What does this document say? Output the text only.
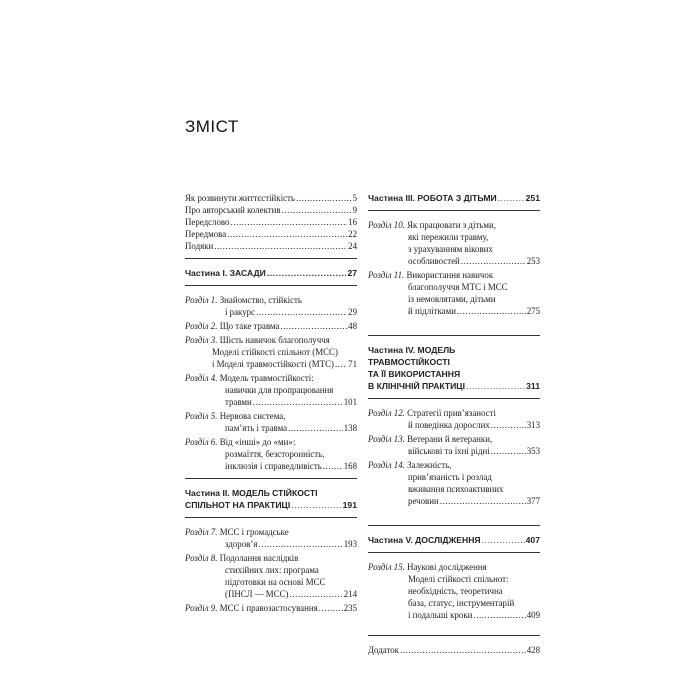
ЗМІСТ
Як розвинути життєстійкість .....	5
Про авторський колектив .....	9
Передслово .....	16
Передмова .....	22
Подяки .....	24
Частина I. ЗАСАДИ .....	27
Розділ 1. Знайомство, стійкість
і ракурс .....	29
Розділ 2.
Що таке травма .....	48
Розділ 3. Шість навичок благополуччя
Моделі стійкості спільнот (МСС)
і Моделі травмостійкості (МТС) ..... 71
Розділ 4. Модель травмостійкості:
навички для пропрацювання
травми .....	101
Розділ 5. Нервова система,
пам’ять і травма .....	138
Розділ 6. Від «інші» до «ми»:
розмаїття, безсторонність,
інклюзія і справедливість ..... 168
Частина II. МОДЕЛЬ СТІЙКОСТІ
СПІЛЬНОТ НА ПРАКТИЦІ .....	191
Розділ 7. МСС і громадське
здоров’я .....	193
Розділ 8. Подолання наслідків
стихійних лих: програма
підготовки на основі МСС
(ПНСЛ — МСС) .....	214
Розділ 9.
МСС і правозастосування .....	235
Частина III. РОБОТА З ДІТЬМИ .....	251
Розділ 10. Як працювати з дітьми,
які пережили травму,
з урахуванням вікових
особливостей .....	253
Розділ 11. Використання навичок
благополуччя МТС і МСС
із немовлятами, дітьми
й підлітками .....	275
Частина IV. МОДЕЛЬ
ТРАВМОСТІЙКОСТІ
ТА ЇЇ ВИКОРИСТАННЯ
В КЛІНІЧНІЙ ПРАКТИЦІ .....	311
Розділ 12. Стратегії прив’язаності
й поведінка дорослих .....	313
Розділ 13. Ветерани й ветеранки,
військові та їхні рідні .....	353
Розділ 14. Залежність,
прив’язаність і розлад
вживання психоактивних
речовин .....	377
Частина V. ДОСЛІДЖЕННЯ .....	407
Розділ 15. Наукові дослідження
Моделі стійкості спільнот:
необхідність, теоретична
база, статус, інструментарій
і подальші кроки .....	409
Додаток .....	428
